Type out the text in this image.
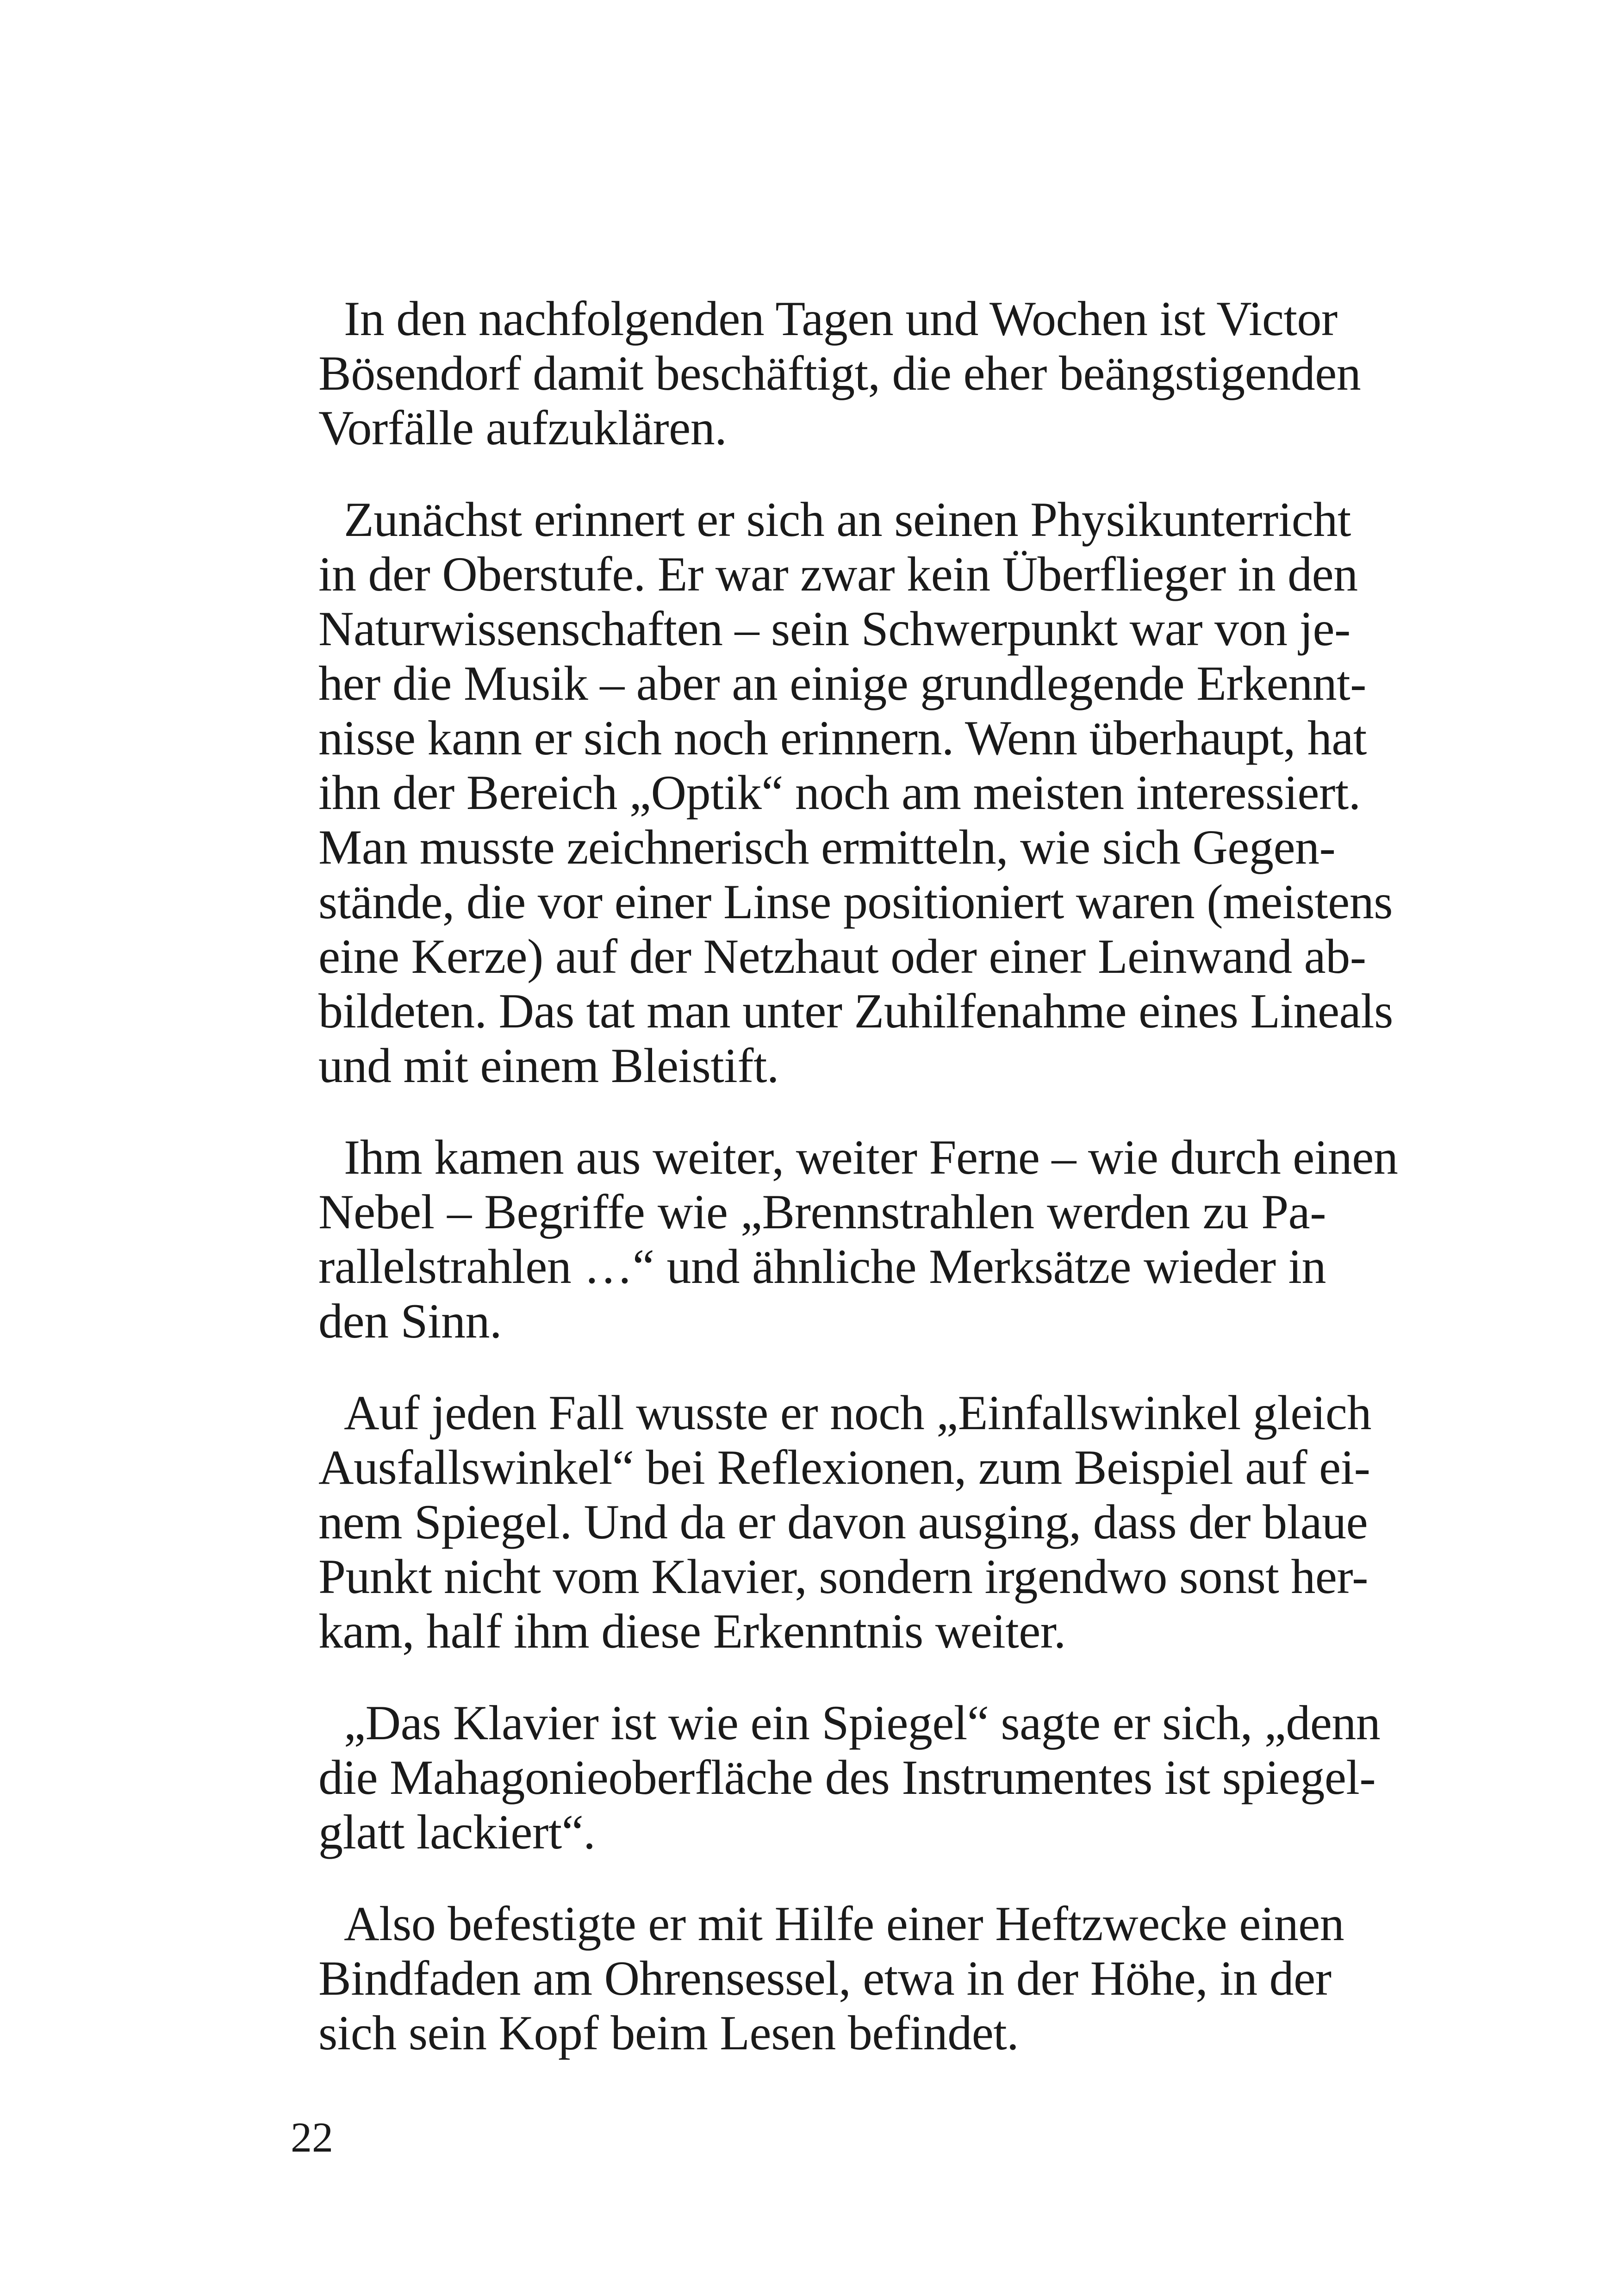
In den nachfolgenden Tagen und Wochen ist Victor
Bösendorf damit beschäftigt, die eher beängstigenden
Vorfälle aufzuklären.

Zunächst erinnert er sich an seinen Physikunterricht
in der Oberstufe. Er war zwar kein Überflieger in den
Naturwissenschaften – sein Schwerpunkt war von je-
her die Musik – aber an einige grundlegende Erkennt-
nisse kann er sich noch erinnern. Wenn überhaupt, hat
ihn der Bereich „Optik“ noch am meisten interessiert.
Man musste zeichnerisch ermitteln, wie sich Gegen-
stände, die vor einer Linse positioniert waren (meistens
eine Kerze) auf der Netzhaut oder einer Leinwand ab-
bildeten. Das tat man unter Zuhilfenahme eines Lineals
und mit einem Bleistift.

Ihm kamen aus weiter, weiter Ferne – wie durch einen
Nebel – Begriffe wie „Brennstrahlen werden zu Pa-
rallelstrahlen …“ und ähnliche Merksätze wieder in
den Sinn.

Auf jeden Fall wusste er noch „Einfallswinkel gleich
Ausfallswinkel“ bei Reflexionen, zum Beispiel auf ei-
nem Spiegel. Und da er davon ausging, dass der blaue
Punkt nicht vom Klavier, sondern irgendwo sonst her-
kam, half ihm diese Erkenntnis weiter.

„Das Klavier ist wie ein Spiegel“ sagte er sich, „denn
die Mahagonieoberfläche des Instrumentes ist spiegel-
glatt lackiert“.

Also befestigte er mit Hilfe einer Heftzwecke einen
Bindfaden am Ohrensessel, etwa in der Höhe, in der
sich sein Kopf beim Lesen befindet.

22
